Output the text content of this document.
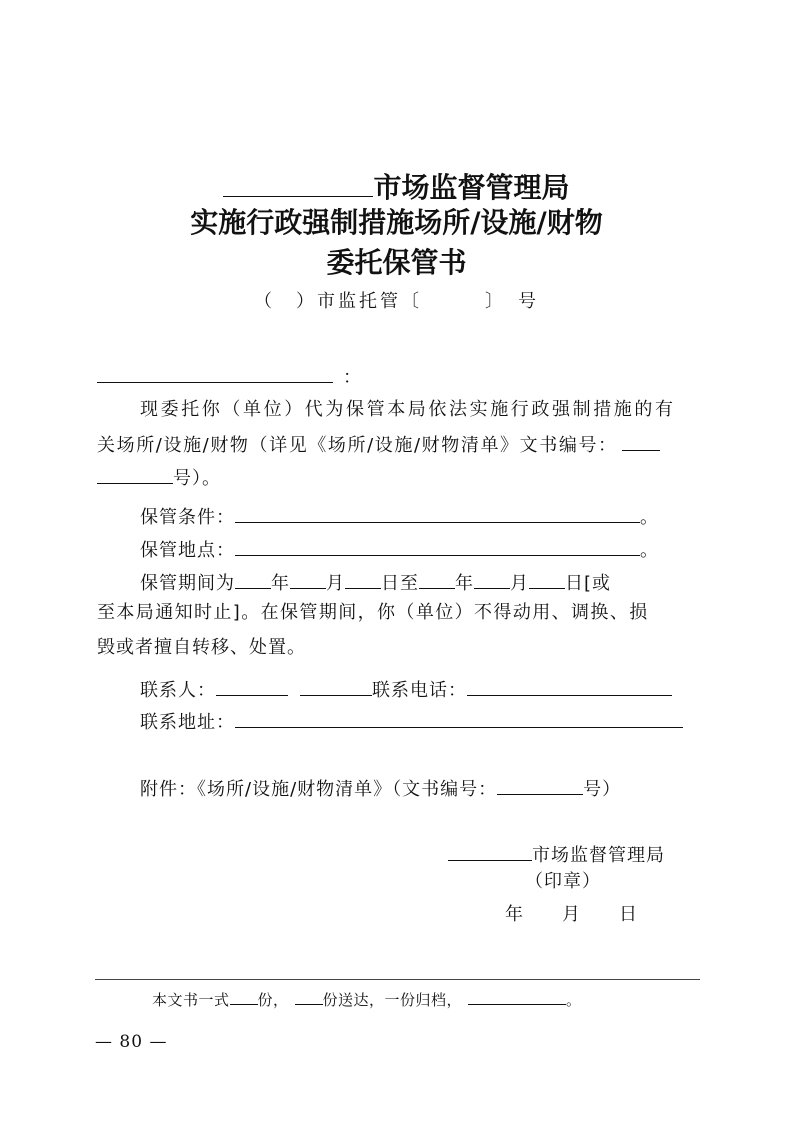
市场监督管理局
实施行政强制措施场所/设施/财物
委托保管书
（　）市监托管〔　　　〕　号
：
现委托你（单位）代为保管本局依法实施行政强制措施的有
关场所/设施/财物（详见《场所/设施/财物清单》文书编号：
号）。
保管条件：	。
保管地点：	。
保管期间为 年 月 日至 年 月 日[或
至本局通知时止]。在保管期间，你（单位）不得动用、调换、损
毁或者擅自转移、处置。
联系人：	联系电话：
联系地址：
附件：《场所/设施/财物清单》（文书编号：	号）
市场监督管理局
（印章）
年　　月　　日
本文书一式 份， 份送达，一份归档，	。
— 80 —
